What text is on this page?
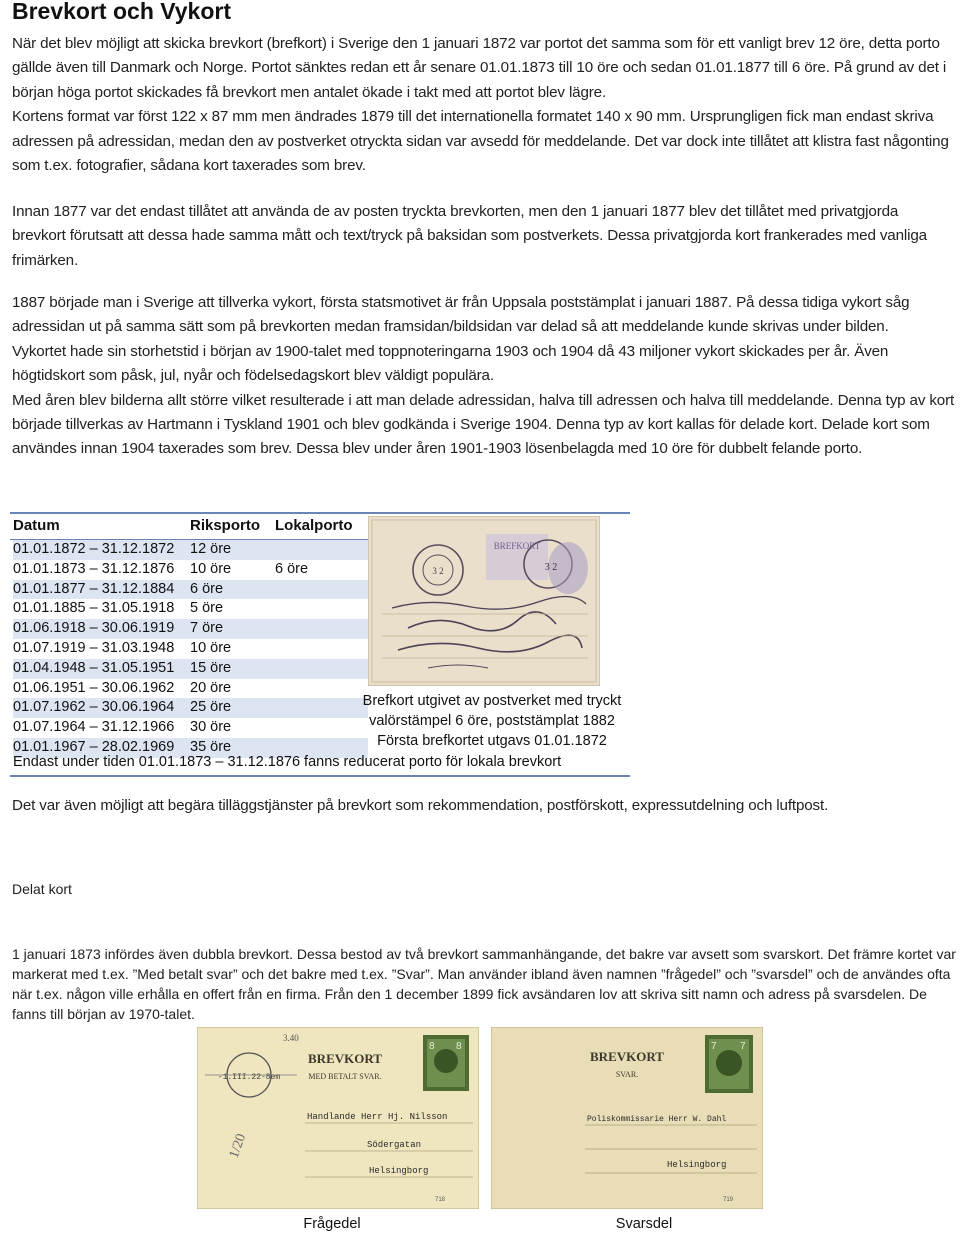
Brevkort och Vykort

När det blev möjligt att skicka brevkort (brefkort) i Sverige den 1 januari 1872 var portot det samma som för ett vanligt brev 12 öre, detta porto gällde även till Danmark och Norge. Portot sänktes redan ett år senare 01.01.1873 till 10 öre och sedan 01.01.1877 till 6 öre. På grund av det i början höga portot skickades få brevkort men antalet ökade i takt med att portot blev lägre.

Kortens format var först 122 x 87 mm men ändrades 1879 till det internationella formatet 140 x 90 mm. Ursprungligen fick man endast skriva adressen på adressidan, medan den av postverket otryckta sidan var avsedd för meddelande. Det var dock inte tillåtet att klistra fast någonting som t.ex. fotografier, sådana kort taxerades som brev.

Innan 1877 var det endast tillåtet att använda de av posten tryckta brevkorten, men den 1 januari 1877 blev det tillåtet med privatgjorda brevkort förutsatt att dessa hade samma mått och text/tryck på baksidan som postverkets. Dessa privatgjorda kort frankerades med vanliga frimärken.

1887 började man i Sverige att tillverka vykort, första statsmotivet är från Uppsala poststämplat i januari 1887. På dessa tidiga vykort såg adressidan ut på samma sätt som på brevkorten medan framsidan/bildsidan var delad så att meddelande kunde skrivas under bilden.

Vykortet hade sin storhetstid i början av 1900-talet med toppnoteringarna 1903 och 1904 då 43 miljoner vykort skickades per år. Även högtidskort som påsk, jul, nyår och födelsedagskort blev väldigt populära.

Med åren blev bilderna allt större vilket resulterade i att man delade adressidan, halva till adressen och halva till meddelande. Denna typ av kort började tillverkas av Hartmann i Tyskland 1901 och blev godkända i Sverige 1904. Denna typ av kort kallas för delade kort. Delade kort som användes innan 1904 taxerades som brev. Dessa blev under åren 1901-1903 lösenbelagda med 10 öre för dubbelt felande porto.

Datum	Riksporto Lokalporto
01.01.1872 – 31.12.1872 12 öre
01.01.1873 – 31.12.1876 10 öre	6 öre
01.01.1877 – 31.12.1884 6 öre
01.01.1885 – 31.05.1918 5 öre
01.06.1918 – 30.06.1919 7 öre
01.07.1919 – 31.03.1948 10 öre
01.04.1948 – 31.05.1951 15 öre
01.06.1951 – 30.06.1962 20 öre
01.07.1962 – 30.06.1964 25 öre
01.07.1964 – 31.12.1966 30 öre
01.01.1967 – 28.02.1969 35 öre
Endast under tiden 01.01.1873 – 31.12.1876 fanns reducerat porto för lokala brevkort
3 2
BREFKORT
3 2
Brefkort utgivet av postverket med tryckt
valörstämpel 6 öre, poststämplat 1882
Första brefkortet utgavs 01.01.1872

Det var även möjligt att begära tilläggstjänster på brevkort som rekommendation, postförskott, expressutdelning och luftpost.

Delat kort

1 januari 1873 infördes även dubbla brevkort. Dessa bestod av två brevkort sammanhängande, det bakre var avsett som svarskort. Det främre kortet var markerat med t.ex. ”Med betalt svar” och det bakre med t.ex. ”Svar”. Man använder ibland även namnen ”frågedel” och ”svarsdel” och de användes ofta när t.ex. någon ville erhålla en offert från en firma. Från den 1 december 1899 fick avsändaren lov att skriva sitt namn och adress på svarsdelen. De fanns till början av 1970-talet.

-1.III.22-8em
3.40
1/20
BREVKORT
MED BETALT SVAR.
8 8
Handlande Herr Hj. Nilsson
Södergatan
Helsingborg
718
BREVKORT
SVAR.
7 7
Poliskommissarie Herr W. Dahl
Helsingborg
719
Frågedel	Svarsdel
